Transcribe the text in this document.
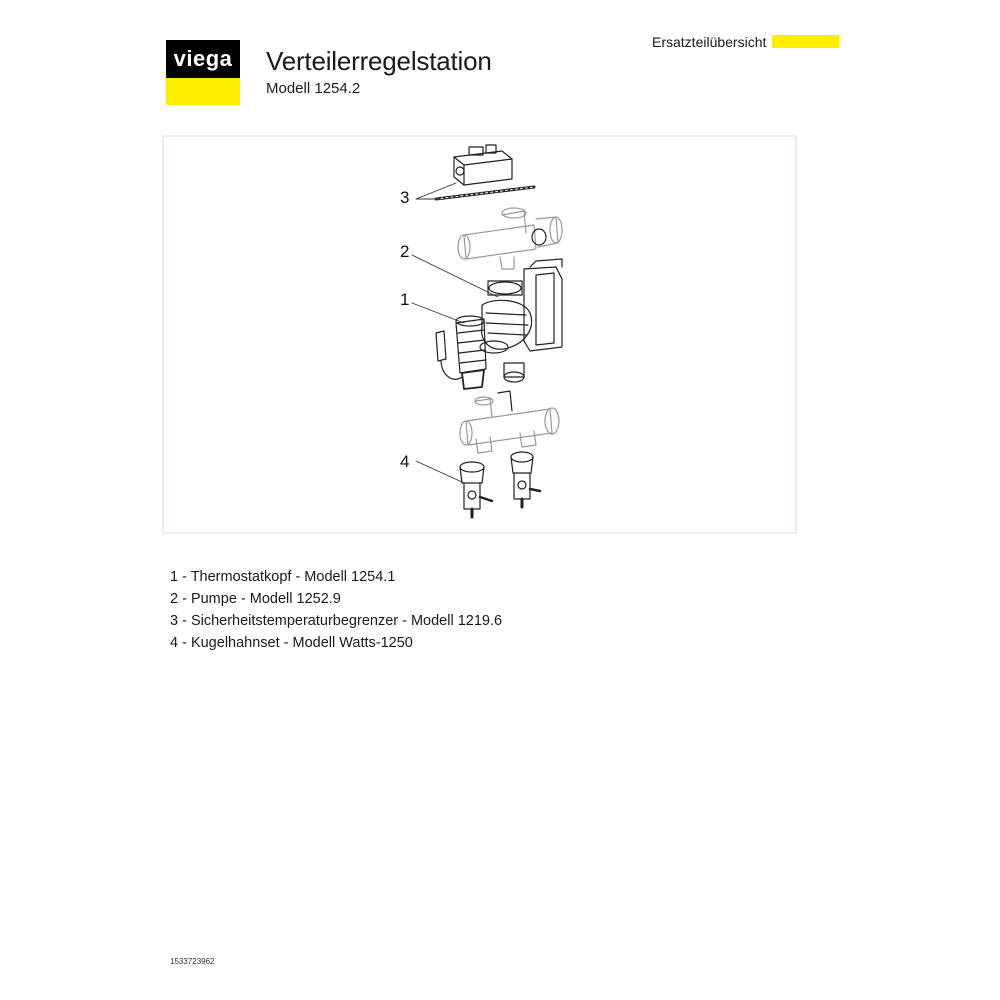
viega Verteilerregelstation
Modell 1254.2
Ersatzteilübersicht
3
2
1
4
1 - Thermostatkopf - Modell 1254.1
2 - Pumpe - Modell 1252.9
3 - Sicherheitstemperaturbegrenzer - Modell 1219.6
4 - Kugelhahnset - Modell Watts-1250
1533723962
